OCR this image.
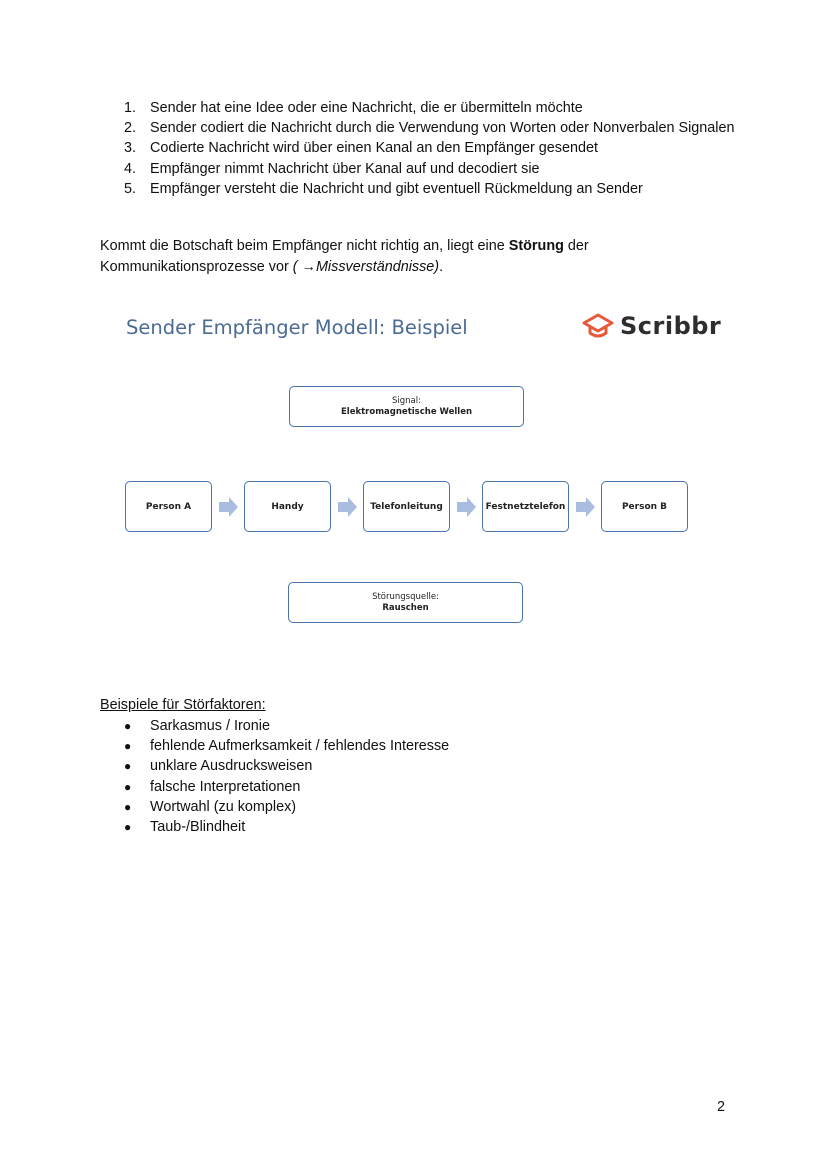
1. Sender hat eine Idee oder eine Nachricht, die er übermitteln möchte
2. Sender codiert die Nachricht durch die Verwendung von Worten oder Nonverbalen Signalen
3. Codierte Nachricht wird über einen Kanal an den Empfänger gesendet
4. Empfänger nimmt Nachricht über Kanal auf und decodiert sie
5. Empfänger versteht die Nachricht und gibt eventuell Rückmeldung an Sender

Kommt die Botschaft beim Empfänger nicht richtig an, liegt eine Störung der Kommunikationsprozesse vor ( →Missverständnisse).

Sender Empfänger Modell: Beispiel	Scribbr
Signal:
Elektromagnetische Wellen
Person A	Handy	Telefonleitung	Festnetztelefon	Person B
Störungsquelle:
Rauschen
Beispiele für Störfaktoren:
● Sarkasmus / Ironie
● fehlende Aufmerksamkeit / fehlendes Interesse
● unklare Ausdrucksweisen
● falsche Interpretationen
● Wortwahl (zu komplex)
● Taub-/Blindheit
2
